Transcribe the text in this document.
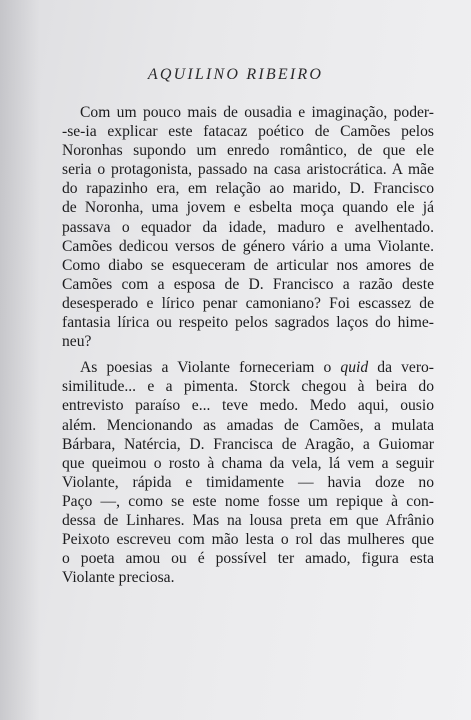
AQUILINO RIBEIRO
Com um pouco mais de ousadia e imaginação, poder-
-se-ia explicar este fatacaz poético de Camões pelos
Noronhas supondo um enredo romântico, de que ele
seria o protagonista, passado na casa aristocrática. A mãe
do rapazinho era, em relação ao marido, D. Francisco
de Noronha, uma jovem e esbelta moça quando ele já
passava o equador da idade, maduro e avelhentado.
Camões dedicou versos de género vário a uma Violante.
Como diabo se esqueceram de articular nos amores de
Camões com a esposa de D. Francisco a razão deste
desesperado e lírico penar camoniano? Foi escassez de
fantasia lírica ou respeito pelos sagrados laços do hime-
neu?
As poesias a Violante forneceriam o quid da vero-
similitude... e a pimenta. Storck chegou à beira do
entrevisto paraíso e... teve medo. Medo aqui, ousio
além. Mencionando as amadas de Camões, a mulata
Bárbara, Natércia, D. Francisca de Aragão, a Guiomar
que queimou o rosto à chama da vela, lá vem a seguir
Violante, rápida e timidamente — havia doze no
Paço —, como se este nome fosse um repique à con-
dessa de Linhares. Mas na lousa preta em que Afrânio
Peixoto escreveu com mão lesta o rol das mulheres que
o poeta amou ou é possível ter amado, figura esta
Violante preciosa.
